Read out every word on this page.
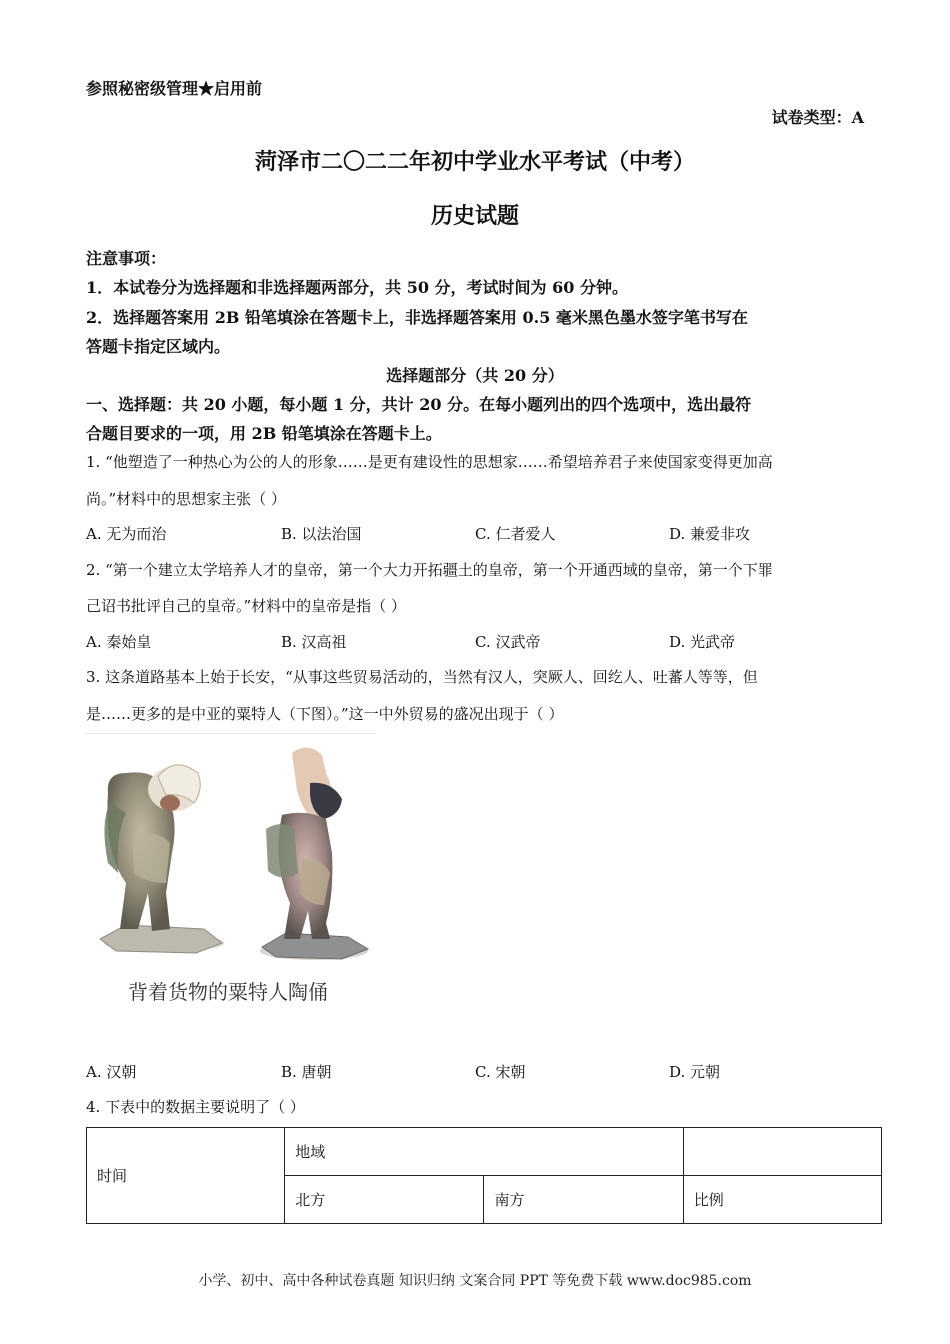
参照秘密级管理★启用前
试卷类型：A
菏泽市二〇二二年初中学业水平考试（中考）
历史试题
注意事项：
1．本试卷分为选择题和非选择题两部分，共 50 分，考试时间为 60 分钟。
2．选择题答案用 2B 铅笔填涂在答题卡上，非选择题答案用 0.5 毫米黑色墨水签字笔书写在
答题卡指定区域内。
选择题部分（共 20 分）
一、选择题：共 20 小题，每小题 1 分，共计 20 分。在每小题列出的四个选项中，选出最符
合题目要求的一项，用 2B 铅笔填涂在答题卡上。
1. “他塑造了一种热心为公的人的形象……是更有建设性的思想家……希望培养君子来使国家变得更加高
尚。”材料中的思想家主张（ ）
A. 无为而治	B. 以法治国	C. 仁者爱人	D. 兼爱非攻
2. “第一个建立太学培养人才的皇帝，第一个大力开拓疆土的皇帝，第一个开通西域的皇帝，第一个下罪
己诏书批评自己的皇帝。”材料中的皇帝是指（ ）
A. 秦始皇	B. 汉高祖	C. 汉武帝	D. 光武帝
3. 这条道路基本上始于长安，“从事这些贸易活动的，当然有汉人，突厥人、回纥人、吐蕃人等等，但
是……更多的是中亚的粟特人（下图）。”这一中外贸易的盛况出现于（ ）
背着货物的粟特人陶俑
A. 汉朝	B. 唐朝	C. 宋朝	D. 元朝
4. 下表中的数据主要说明了（ ）
时间	地域		
	北方	南方	比例
小学、初中、高中各种试卷真题 知识归纳 文案合同 PPT 等免费下载 www.doc985.com
